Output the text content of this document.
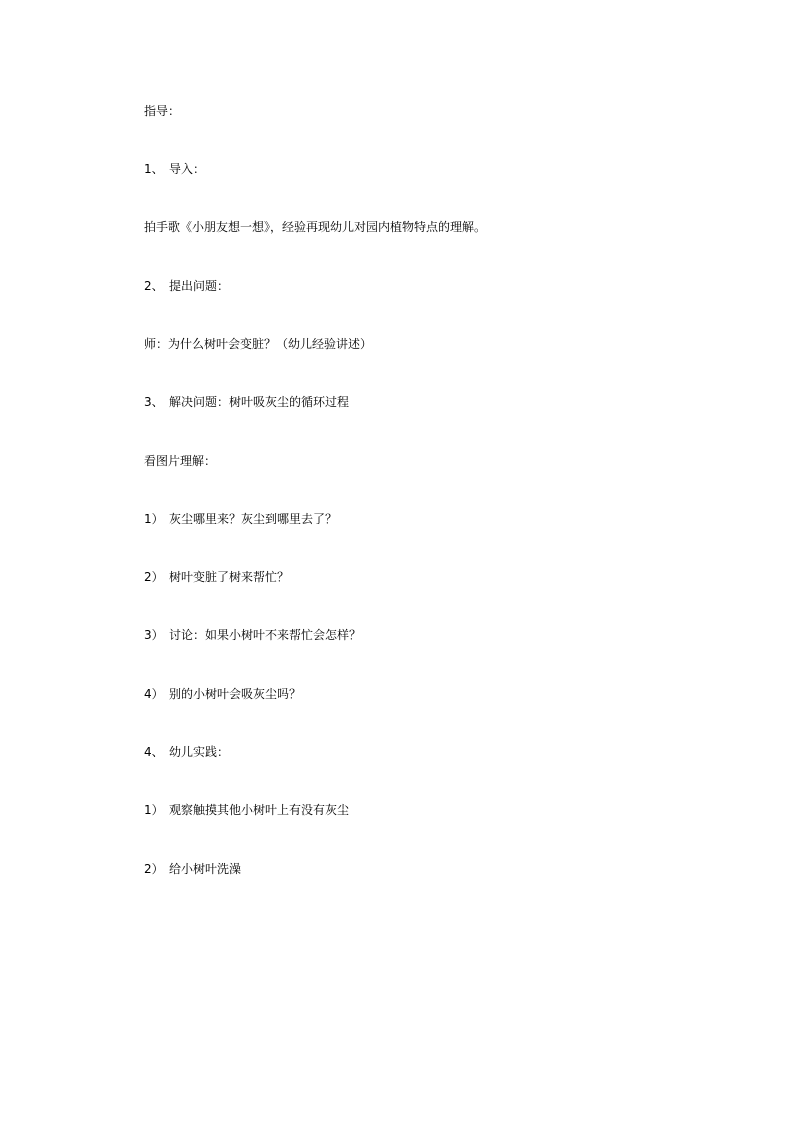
指导：
1、 导入：
拍手歌《小朋友想一想》，经验再现幼儿对园内植物特点的理解。
2、 提出问题：
师：为什么树叶会变脏？（幼儿经验讲述）
3、 解决问题：树叶吸灰尘的循环过程
看图片理解：
1） 灰尘哪里来？灰尘到哪里去了？
2） 树叶变脏了树来帮忙？
3） 讨论：如果小树叶不来帮忙会怎样？
4） 别的小树叶会吸灰尘吗？
4、 幼儿实践：
1） 观察触摸其他小树叶上有没有灰尘
2） 给小树叶洗澡
